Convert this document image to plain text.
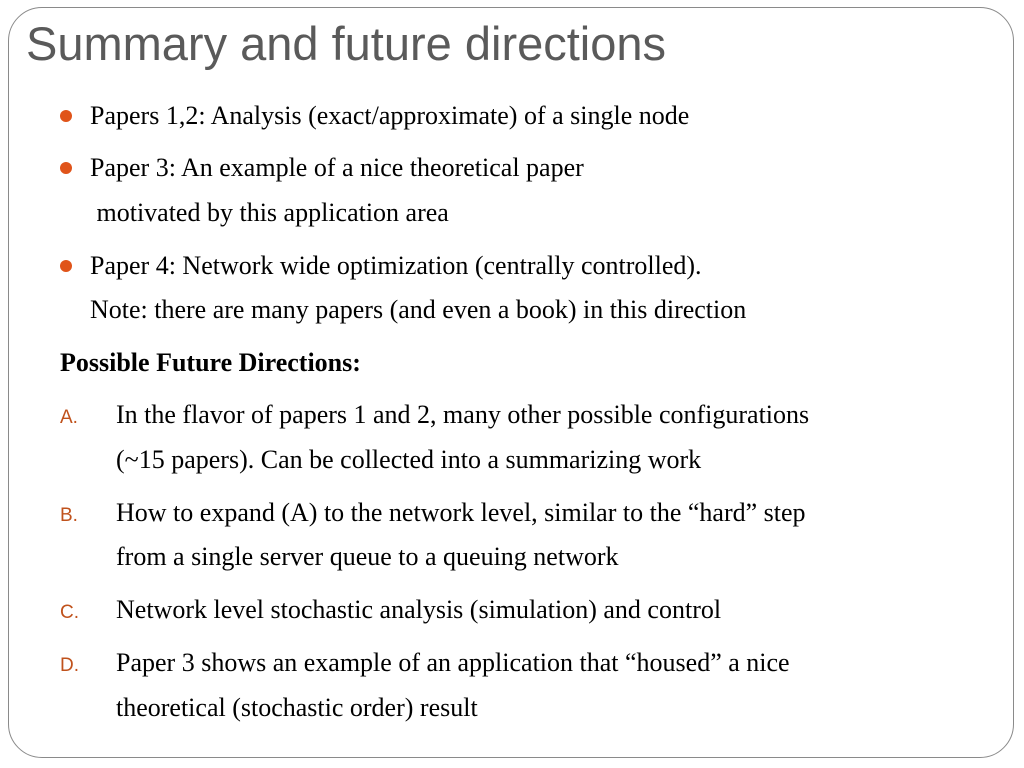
Summary and future directions
Papers 1,2: Analysis (exact/approximate) of a single node
Paper 3: An example of a nice theoretical paper
motivated by this application area
Paper 4: Network wide optimization (centrally controlled).
Note: there are many papers (and even a book) in this direction
Possible Future Directions:
A. In the flavor of papers 1 and 2, many other possible configurations
(~15 papers). Can be collected into a summarizing work
B. How to expand (A) to the network level, similar to the “hard” step
from a single server queue to a queuing network
C. Network level stochastic analysis (simulation) and control
D. Paper 3 shows an example of an application that “housed” a nice
theoretical (stochastic order) result
